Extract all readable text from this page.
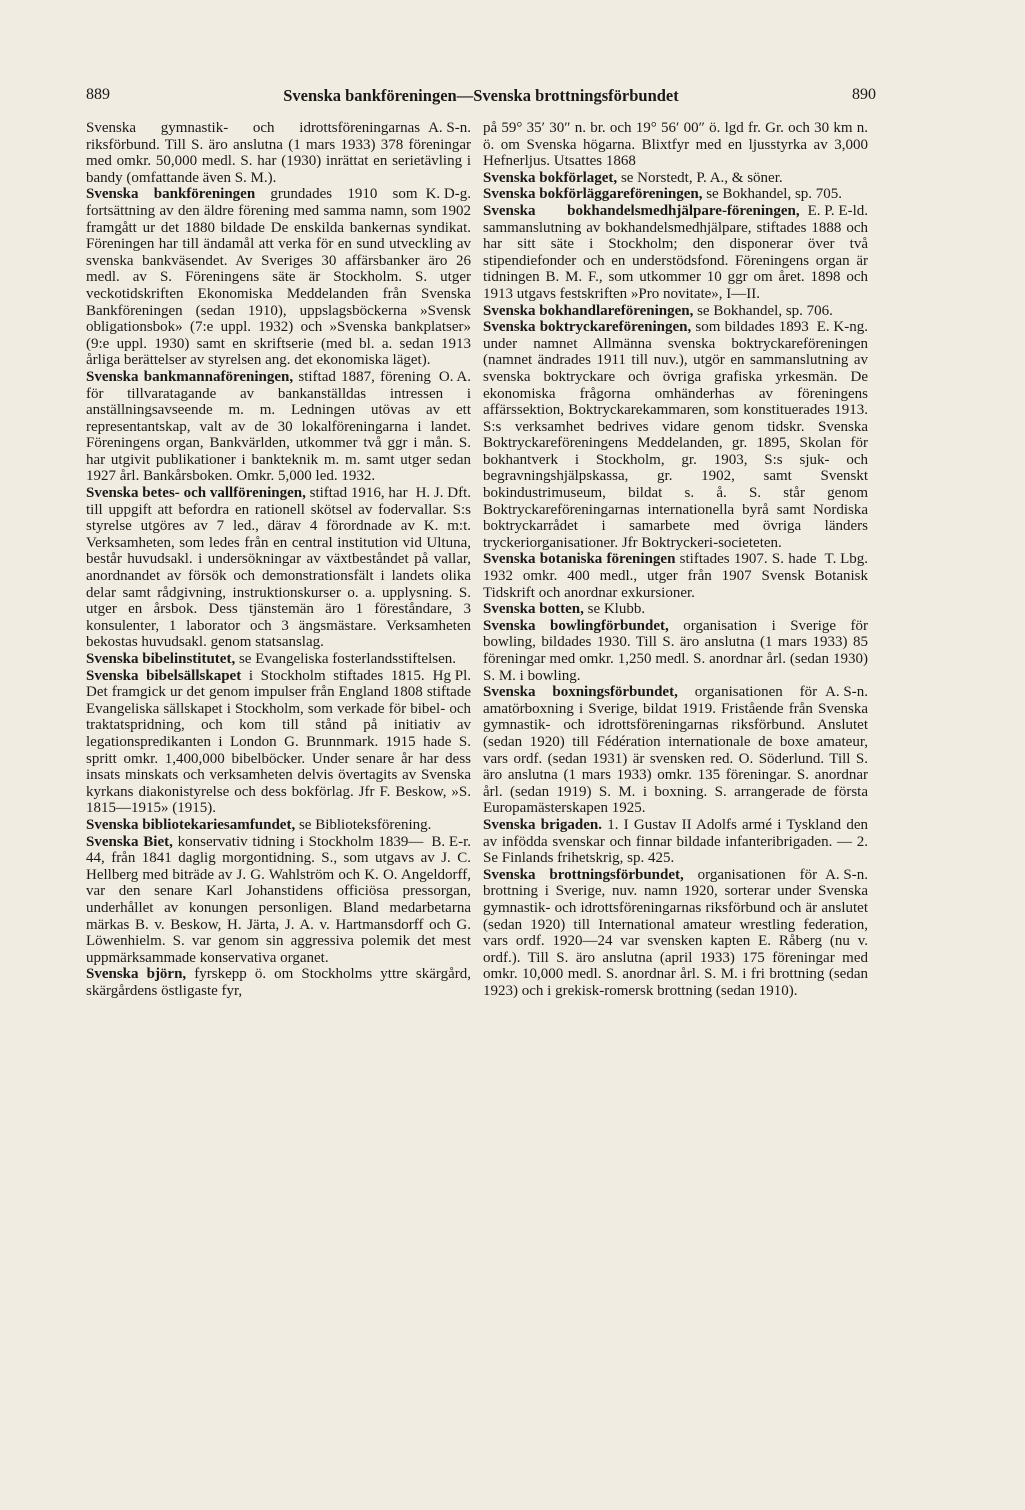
889	Svenska bankföreningen—Svenska brottningsförbundet	890
A. S-n.
Svenska gymnastik- och idrottsföreningarnas riksförbund. Till S. äro anslutna (1 mars 1933) 378 föreningar med omkr. 50,000 medl. S. har (1930) inrättat en serietävling i bandy (omfattande även S. M.).
K. D-g.
Svenska bankföreningen grundades 1910 som fortsättning av den äldre förening med samma namn, som 1902 framgått ur det 1880 bildade De enskilda bankernas syndikat. Föreningen har till ändamål att verka för en sund utveckling av svenska bankväsendet. Av Sveriges 30 affärsbanker äro 26 medl. av S. Föreningens säte är Stockholm. S. utger veckotidskriften Ekonomiska Meddelanden från Svenska Bankföreningen (sedan 1910), uppslagsböckerna »Svensk obligationsbok» (7:e uppl. 1932) och »Svenska bankplatser» (9:e uppl. 1930) samt en skriftserie (med bl. a. sedan 1913 årliga berättelser av styrelsen ang. det ekonomiska läget).
O. A.
Svenska bankmannaföreningen, stiftad 1887, förening för tillvaratagande av bankanställdas intressen i anställningsavseende m. m. Ledningen utövas av ett representantskap, valt av de 30 lokalföreningarna i landet. Föreningens organ, Bankvärlden, utkommer två ggr i mån. S. har utgivit publikationer i bankteknik m. m. samt utger sedan 1927 årl. Bankårsboken. Omkr. 5,000 led. 1932.
H. J. Dft.
Svenska betes- och vallföreningen, stiftad 1916, har till uppgift att befordra en rationell skötsel av fodervallar. S:s styrelse utgöres av 7 led., därav 4 förordnade av K. m:t. Verksamheten, som ledes från en central institution vid Ultuna, består huvudsakl. i undersökningar av växtbeståndet på vallar, anordnandet av försök och demonstrationsfält i landets olika delar samt rådgivning, instruktionskurser o. a. upplysning. S. utger en årsbok. Dess tjänstemän äro 1 föreståndare, 3 konsulenter, 1 laborator och 3 ängsmästare. Verksamheten bekostas huvudsakl. genom statsanslag.
Svenska bibelinstitutet, se Evangeliska fosterlandsstiftelsen.
Hg Pl.
Svenska bibelsällskapet i Stockholm stiftades 1815. Det framgick ur det genom impulser från England 1808 stiftade Evangeliska sällskapet i Stockholm, som verkade för bibel- och traktatspridning, och kom till stånd på initiativ av legationspredikanten i London G. Brunnmark. 1915 hade S. spritt omkr. 1,400,000 bibelböcker. Under senare år har dess insats minskats och verksamheten delvis övertagits av Svenska kyrkans diakonistyrelse och dess bokförlag. Jfr F. Beskow, »S. 1815—1915» (1915).
Svenska bibliotekariesamfundet, se Biblioteksförening.
B. E-r.
Svenska Biet, konservativ tidning i Stockholm 1839—44, från 1841 daglig morgontidning. S., som utgavs av J. C. Hellberg med biträde av J. G. Wahlström och K. O. Angeldorff, var den senare Karl Johanstidens officiösa pressorgan, underhållet av konungen personligen. Bland medarbetarna märkas B. v. Beskow, H. Järta, J. A. v. Hartmansdorff och G. Löwenhielm. S. var genom sin aggressiva polemik det mest uppmärksammade konservativa organet.
Svenska björn, fyrskepp ö. om Stockholms yttre skärgård, skärgårdens östligaste fyr,
på 59° 35′ 30″ n. br. och 19° 56′ 00″ ö. lgd fr. Gr. och 30 km n. ö. om Svenska högarna. Blixtfyr med en ljusstyrka av 3,000 Hefnerljus. Utsattes 1868
Svenska bokförlaget, se Norstedt, P. A., & söner.
Svenska bokförläggareföreningen, se Bokhandel, sp. 705.
E. P. E-ld.
Svenska bokhandelsmedhjälpare-föreningen, sammanslutning av bokhandelsmedhjälpare, stiftades 1888 och har sitt säte i Stockholm; den disponerar över två stipendiefonder och en understödsfond. Föreningens organ är tidningen B. M. F., som utkommer 10 ggr om året. 1898 och 1913 utgavs festskriften »Pro novitate», I—II.
Svenska bokhandlareföreningen, se Bokhandel, sp. 706.
E. K-ng.
Svenska boktryckareföreningen, som bildades 1893 under namnet Allmänna svenska boktryckareföreningen (namnet ändrades 1911 till nuv.), utgör en sammanslutning av svenska boktryckare och övriga grafiska yrkesmän. De ekonomiska frågorna omhänderhas av föreningens affärssektion, Boktryckarekammaren, som konstituerades 1913. S:s verksamhet bedrives vidare genom tidskr. Svenska Boktryckareföreningens Meddelanden, gr. 1895, Skolan för bokhantverk i Stockholm, gr. 1903, S:s sjuk- och begravningshjälpskassa, gr. 1902, samt Svenskt bokindustrimuseum, bildat s. å. S. står genom Boktryckareföreningarnas internationella byrå samt Nordiska boktryckarrådet i samarbete med övriga länders tryckeriorganisationer. Jfr Boktryckeri-societeten.
T. Lbg.
Svenska botaniska föreningen stiftades 1907. S. hade 1932 omkr. 400 medl., utger från 1907 Svensk Botanisk Tidskrift och anordnar exkursioner.
Svenska botten, se Klubb.
Svenska bowlingförbundet, organisation i Sverige för bowling, bildades 1930. Till S. äro anslutna (1 mars 1933) 85 föreningar med omkr. 1,250 medl. S. anordnar årl. (sedan 1930) S. M. i bowling.
A. S-n.
Svenska boxningsförbundet, organisationen för amatörboxning i Sverige, bildat 1919. Fristående från Svenska gymnastik- och idrottsföreningarnas riksförbund. Anslutet (sedan 1920) till Fédération internationale de boxe amateur, vars ordf. (sedan 1931) är svensken red. O. Söderlund. Till S. äro anslutna (1 mars 1933) omkr. 135 föreningar. S. anordnar årl. (sedan 1919) S. M. i boxning. S. arrangerade de första Europamästerskapen 1925.
Svenska brigaden. 1. I Gustav II Adolfs armé i Tyskland den av infödda svenskar och finnar bildade infanteribrigaden. — 2. Se Finlands frihetskrig, sp. 425.
A. S-n.
Svenska brottningsförbundet, organisationen för brottning i Sverige, nuv. namn 1920, sorterar under Svenska gymnastik- och idrottsföreningarnas riksförbund och är anslutet (sedan 1920) till International amateur wrestling federation, vars ordf. 1920—24 var svensken kapten E. Råberg (nu v. ordf.). Till S. äro anslutna (april 1933) 175 föreningar med omkr. 10,000 medl. S. anordnar årl. S. M. i fri brottning (sedan 1923) och i grekisk-romersk brottning (sedan 1910).
